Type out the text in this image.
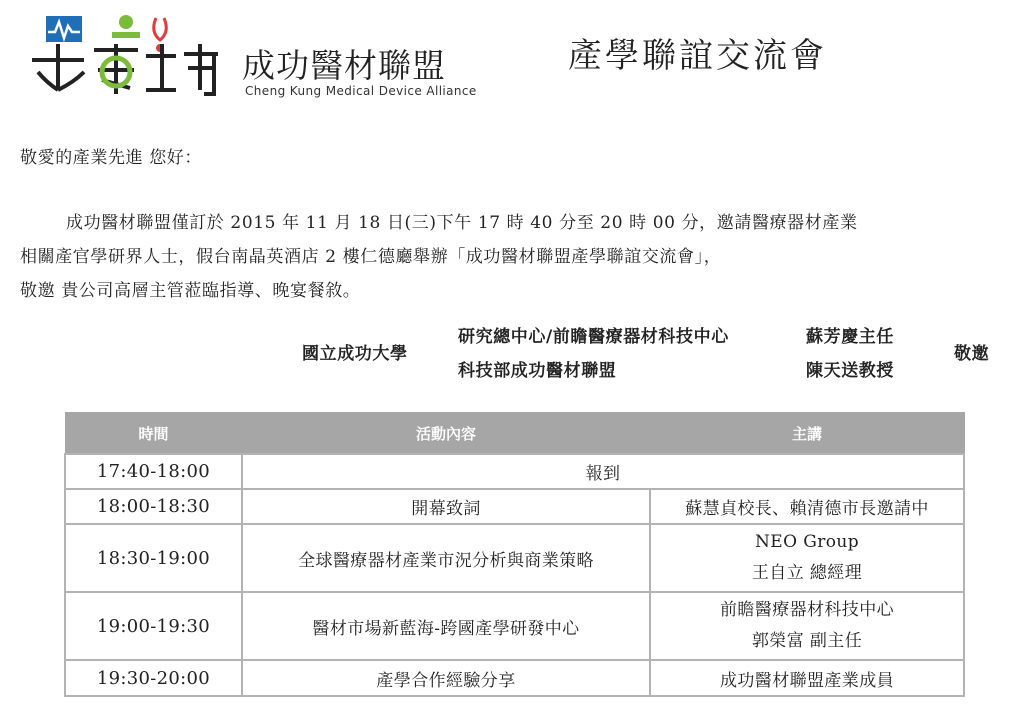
成功醫材聯盟
Cheng Kung Medical Device Alliance
產學聯誼交流會
敬愛的產業先進 您好：
成功醫材聯盟僅訂於 2015 年 11 月 18 日(三)下午 17 時 40 分至 20 時 00 分，邀請醫療器材產業
相關產官學研界人士，假台南晶英酒店 2 樓仁德廳舉辦「成功醫材聯盟產學聯誼交流會」，
敬邀 貴公司高層主管蒞臨指導、晚宴餐敘。
國立成功大學
研究總中心/前瞻醫療器材科技中心	蘇芳慶主任
科技部成功醫材聯盟	陳天送教授
敬邀
時間	活動內容	主講
17:40-18:00	報到	
18:00-18:30	開幕致詞	蘇慧貞校長、賴清德市長邀請中
18:30-19:00	全球醫療器材產業市況分析與商業策略	NEO Group
王自立 總經理

19:00-19:30	醫材市場新藍海-跨國產學研發中心	前瞻醫療器材科技中心
郭榮富 副主任

19:30-20:00	產學合作經驗分享	成功醫材聯盟產業成員
